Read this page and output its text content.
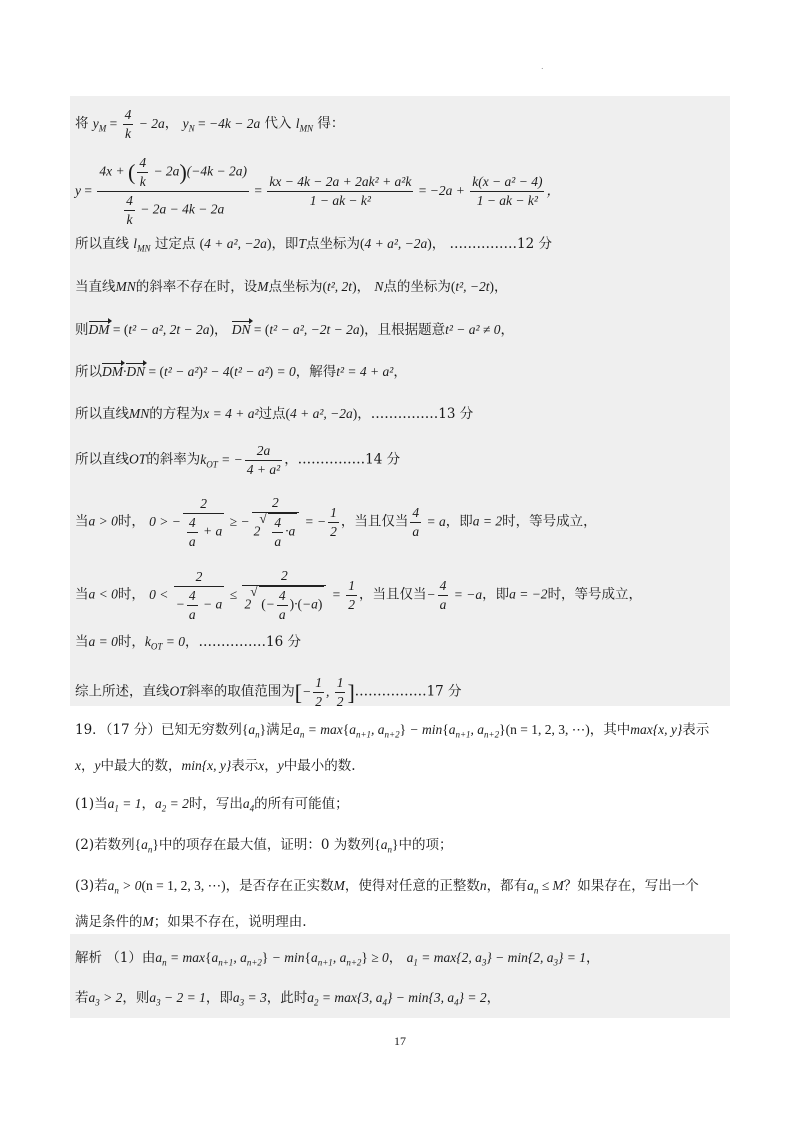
.
将 $y_M = \frac{4}{k} - 2a$， $y_N = -4k - 2a$ 代入 $l_{MN}$ 得：
$y = \frac{4x + ( \frac{4}{k} - 2a)(-4k - 2a)}{\frac{4}{k} - 2a - 4k - 2a} = \frac{\text{kx − 4k − 2a + 2ak² + a²k}}{\text{1 − ak − k²}} = -2a + \frac{\text{k(x − a² − 4)}}{\text{1 − ak − k²}}$ ，
所以直线 $l_{MN}$ 过定点 (4 + a², −2a)，即T点坐标为(4 + a², −2a)， ……………12 分
当直线MN的斜率不存在时，设M点坐标为(t², 2t)， N点的坐标为(t², −2t)，
则DM = (t² − a², 2t − 2a)， DN = (t² − a², −2t − 2a)，且根据题意t² − a² ≠ 0，
所以DM·DN = (t² − a²)² − 4(t² − a²) = 0，解得t² = 4 + a²，
所以直线MN的方程为x = 4 + a²过点(4 + a², −2a)，……………13 分
所以直线OT的斜率为$k_{OT}$ = − $\frac{2a}{\text{4 + a²}}$ ，……………14 分
当a > 0时， 0 > − $\frac{2}{\frac{4}{a} + a}$ ≥ − 2
2
√ $\frac{4}{a} \cdot a$ = − $\frac{1}{2}$ ，当且仅当 $\frac{4}{a} = a$，即a = 2时，等号成立，
当a < 0时， $0 < \frac{2}{- \frac{4}{a} - a} \le \frac{2}{2√ (- \frac{4}{a} )\cdot(-a)} = \frac{1}{2}$ ，当且仅当− $\frac{4}{a} = -a$，即a = −2时，等号成立，
当a = 0时，$k_{OT} = 0$，……………16 分
综上所述，直线OT斜率的取值范围为[− $\frac{1}{2}$ , $\frac{1}{2}$ ].……………17 分
19．（17 分）已知无穷数列$\{a_n\}$满足$a_n = \max\{a_{n+1}$, $a_{n+2}\} - \min\{a_{n+1}$, $a_{n+2}\}(n = 1$, 2, 3, ⋯)，其中max{x, y}表示
x，y中最大的数，min{x, y}表示x，y中最小的数.
(1)当$a_1 = 1$，$a_2 = 2$时，写出$a_4$的所有可能值；
(2)若数列$\{a_n\}$中的项存在最大值，证明：0 为数列$\{a_n\}$中的项；
(3)若$a_n > 0(n = 1$, 2, 3, ⋯)，是否存在正实数M，使得对任意的正整数n，都有$a_n \le M$？如果存在，写出一个
满足条件的M；如果不存在，说明理由.
解析 （1）由$a_n = \max\{a_{n+1}$, $a_{n+2}\} - \min\{a_{n+1}$, $a_{n+2}\} \ge 0$， $a_1 = \max\{2$, $a_3\} - \min\{2$, $a_3\} = 1$，
若$a_3 > 2$，则$a_3 - 2 = 1$，即$a_3 = 3$，此时$a_2 = \max\{3$, $a_4\} - \min\{3$, $a_4\} = 2$，
17
